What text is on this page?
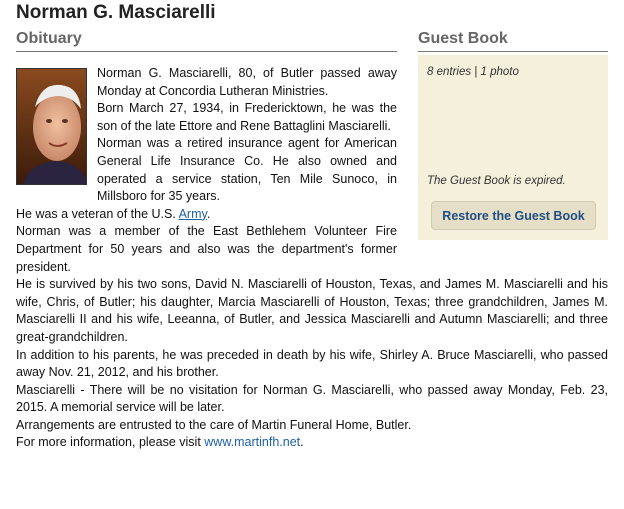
Norman G. Masciarelli
Obituary	Guest Book
8 entries | 1 photo
The Guest Book is expired.
Restore the Guest Book

Norman G. Masciarelli, 80, of Butler passed away Monday at Concordia Lutheran Ministries.

Born March 27, 1934, in Fredericktown, he was the son of the late Ettore and Rene Battaglini Masciarelli.

Norman was a retired insurance agent for American General Life Insurance Co. He also owned and operated a service station, Ten Mile Sunoco, in Millsboro for 35 years.

He was a veteran of the U.S. Army.

Norman was a member of the East Bethlehem Volunteer Fire Department for 50 years and also was the department's former president.

He is survived by his two sons, David N. Masciarelli of Houston, Texas, and James M. Masciarelli and his wife, Chris, of Butler; his daughter, Marcia Masciarelli of Houston, Texas; three grandchildren, James M. Masciarelli II and his wife, Leeanna, of Butler, and Jessica Masciarelli and Autumn Masciarelli; and three great-grandchildren.

In addition to his parents, he was preceded in death by his wife, Shirley A. Bruce Masciarelli, who passed away Nov. 21, 2012, and his brother.

Masciarelli - There will be no visitation for Norman G. Masciarelli, who passed away Monday, Feb. 23, 2015. A memorial service will be later.

Arrangements are entrusted to the care of Martin Funeral Home, Butler.

For more information, please visit www.martinfh.net.
